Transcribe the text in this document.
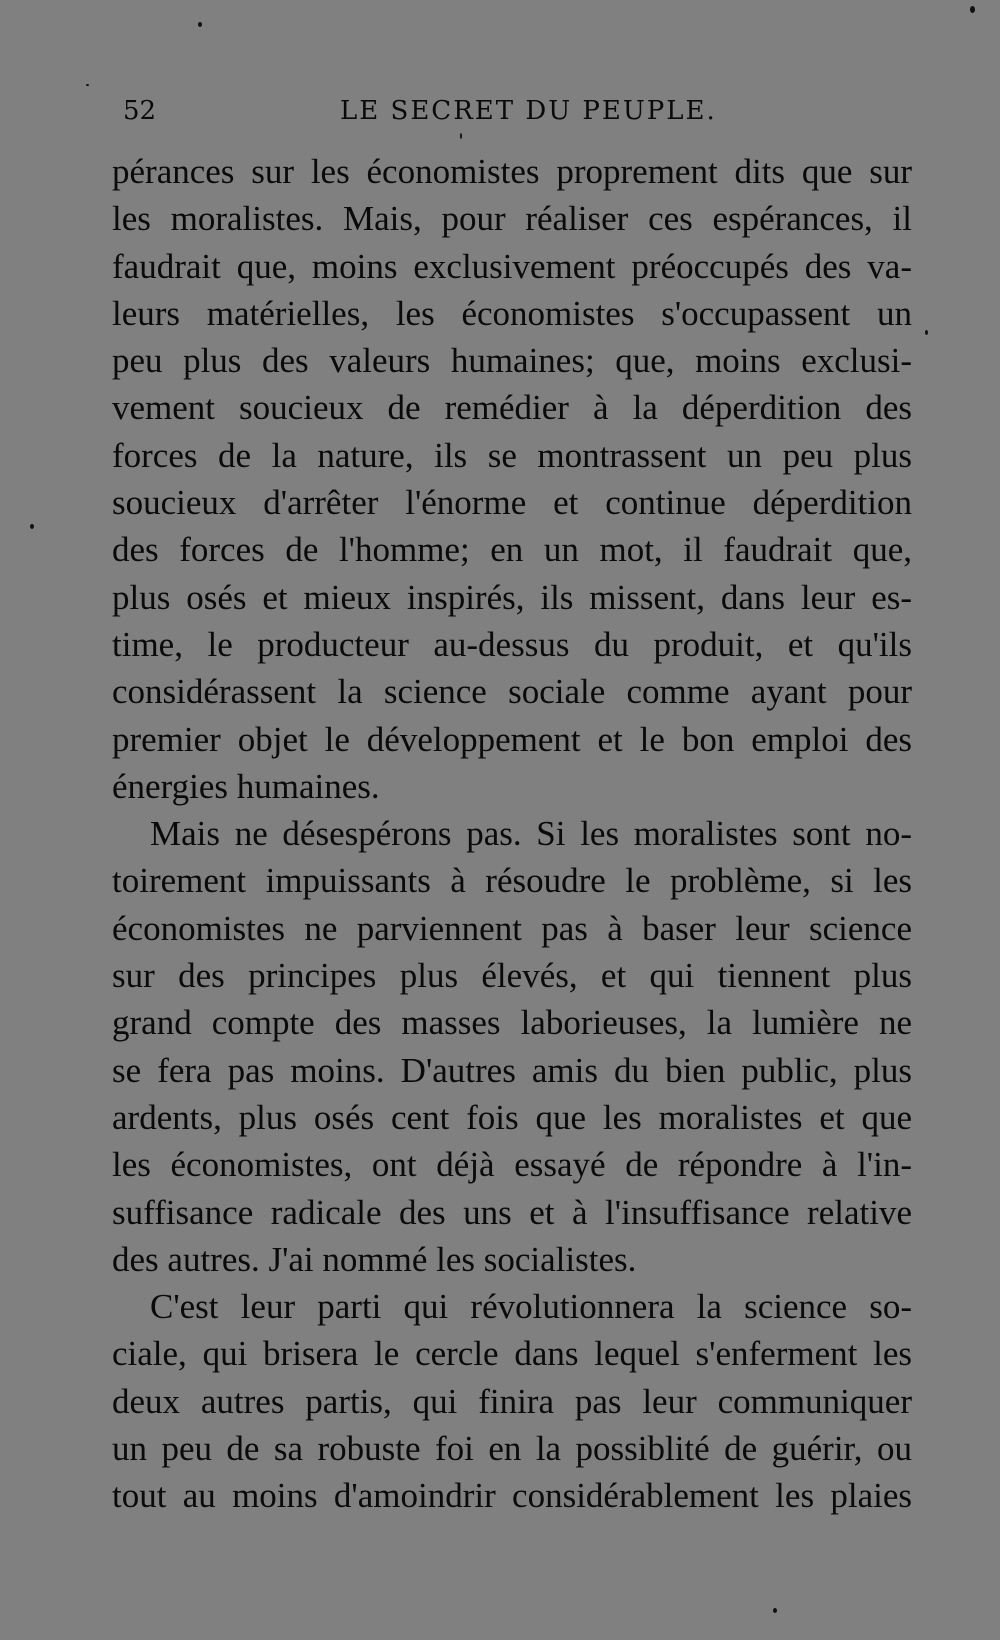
52	LE SECRET DU PEUPLE.
pérances sur les économistes proprement dits que sur
les moralistes. Mais, pour réaliser ces espérances, il
faudrait que, moins exclusivement préoccupés des va-
leurs matérielles, les économistes s'occupassent un
peu plus des valeurs humaines; que, moins exclusi-
vement soucieux de remédier à la déperdition des
forces de la nature, ils se montrassent un peu plus
soucieux d'arrêter l'énorme et continue déperdition
des forces de l'homme; en un mot, il faudrait que,
plus osés et mieux inspirés, ils missent, dans leur es-
time, le producteur au-dessus du produit, et qu'ils
considérassent la science sociale comme ayant pour
premier objet le développement et le bon emploi des
énergies humaines.
Mais ne désespérons pas. Si les moralistes sont no-
toirement impuissants à résoudre le problème, si les
économistes ne parviennent pas à baser leur science
sur des principes plus élevés, et qui tiennent plus
grand compte des masses laborieuses, la lumière ne
se fera pas moins. D'autres amis du bien public, plus
ardents, plus osés cent fois que les moralistes et que
les économistes, ont déjà essayé de répondre à l'in-
suffisance radicale des uns et à l'insuffisance relative
des autres. J'ai nommé les socialistes.
C'est leur parti qui révolutionnera la science so-
ciale, qui brisera le cercle dans lequel s'enferment les
deux autres partis, qui finira pas leur communiquer
un peu de sa robuste foi en la possiblité de guérir, ou
tout au moins d'amoindrir considérablement les plaies
